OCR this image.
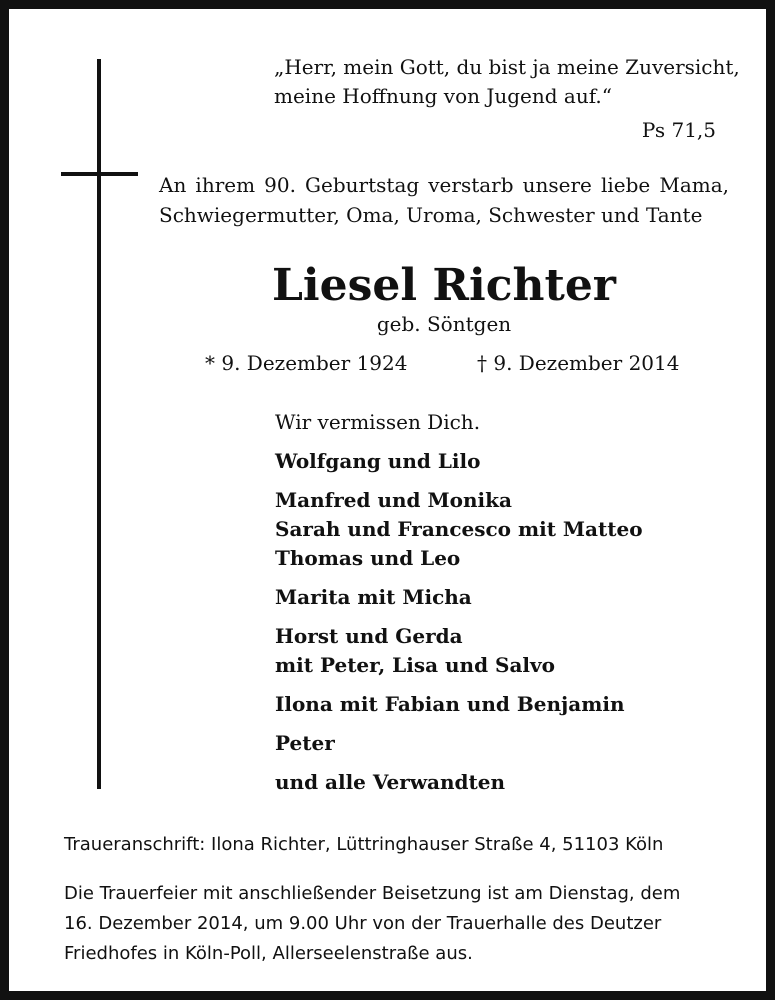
„Herr, mein Gott, du bist ja meine Zuversicht,
meine Hoffnung von Jugend auf.“
Ps 71,5
An ihrem 90. Geburtstag verstarb unsere liebe Mama,
Schwiegermutter, Oma, Uroma, Schwester und Tante
Liesel Richter
geb. Söntgen
* 9. Dezember 1924	† 9. Dezember 2014
Wir vermissen Dich.
Wolfgang und Lilo
Manfred und Monika
Sarah und Francesco mit Matteo
Thomas und Leo
Marita mit Micha
Horst und Gerda
mit Peter, Lisa und Salvo
Ilona mit Fabian und Benjamin
Peter
und alle Verwandten
Traueranschrift: Ilona Richter, Lüttringhauser Straße 4, 51103 Köln
Die Trauerfeier mit anschließender Beisetzung ist am Dienstag, dem
16. Dezember 2014, um 9.00 Uhr von der Trauerhalle des Deutzer
Friedhofes in Köln-Poll, Allerseelenstraße aus.
